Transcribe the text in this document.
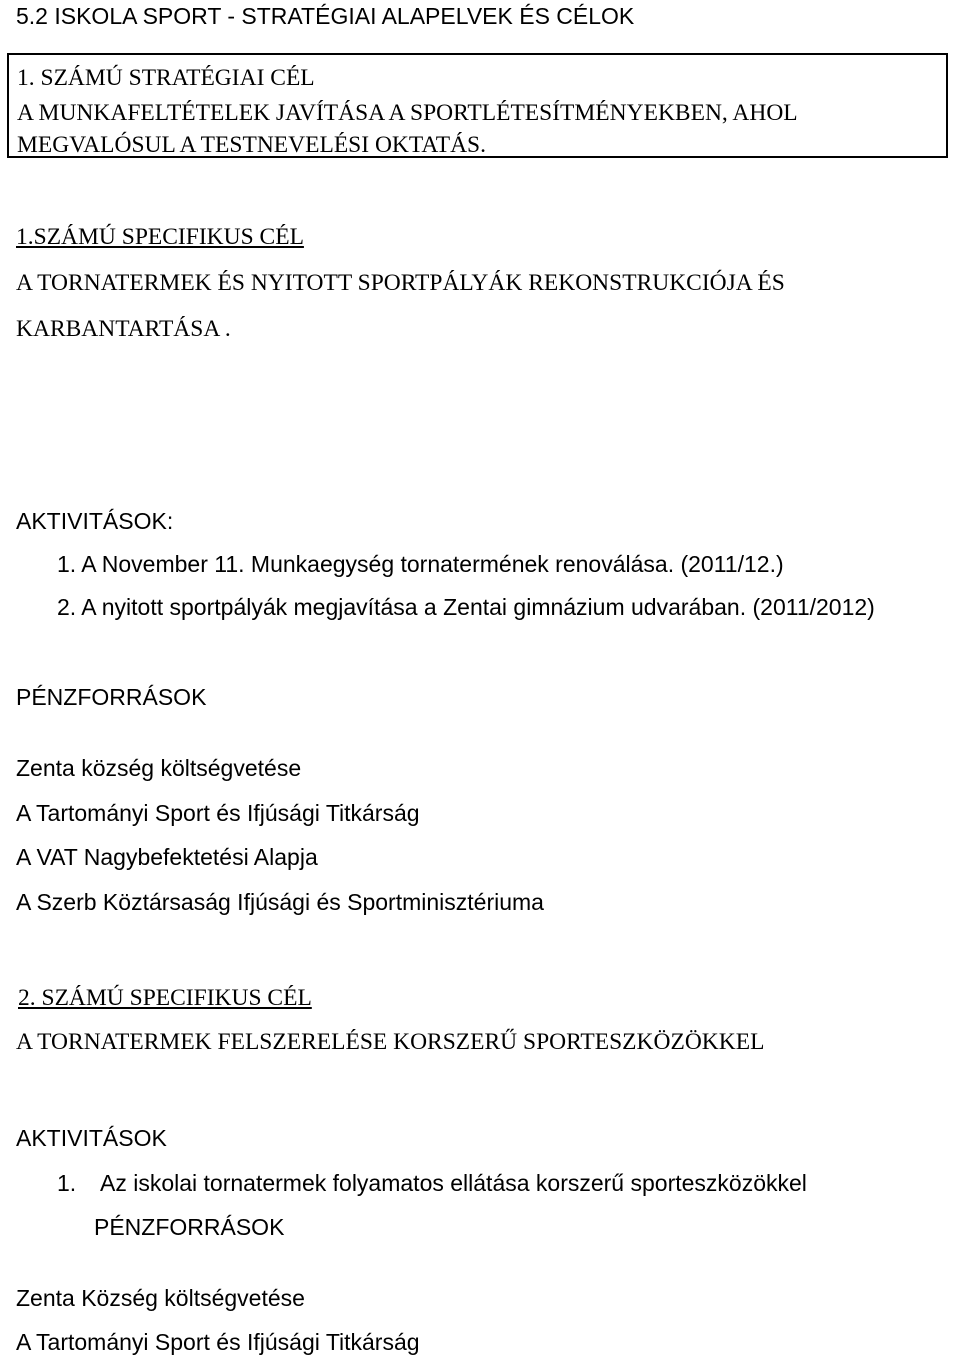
5.2 ISKOLA SPORT - STRATÉGIAI ALAPELVEK ÉS CÉLOK
1. SZÁMÚ STRATÉGIAI CÉL
A MUNKAFELTÉTELEK JAVÍTÁSA A SPORTLÉTESÍTMÉNYEKBEN, AHOL
MEGVALÓSUL A TESTNEVELÉSI OKTATÁS.
1.SZÁMÚ SPECIFIKUS CÉL
A TORNATERMEK ÉS NYITOTT SPORTPÁLYÁK REKONSTRUKCIÓJA ÉS
KARBANTARTÁSA .
AKTIVITÁSOK:
1. A November 11. Munkaegység tornatermének renoválása. (2011/12.)
2. A nyitott sportpályák megjavítása a Zentai gimnázium udvarában. (2011/2012)
PÉNZFORRÁSOK
Zenta község költségvetése
A Tartományi Sport és Ifjúsági Titkárság
A VAT Nagybefektetési Alapja
A Szerb Köztársaság Ifjúsági és Sportminisztériuma
2. SZÁMÚ SPECIFIKUS CÉL
A TORNATERMEK FELSZERELÉSE KORSZERŰ SPORTESZKÖZÖKKEL
AKTIVITÁSOK
1. Az iskolai tornatermek folyamatos ellátása korszerű sporteszközökkel
PÉNZFORRÁSOK
Zenta Község költségvetése
A Tartományi Sport és Ifjúsági Titkárság
